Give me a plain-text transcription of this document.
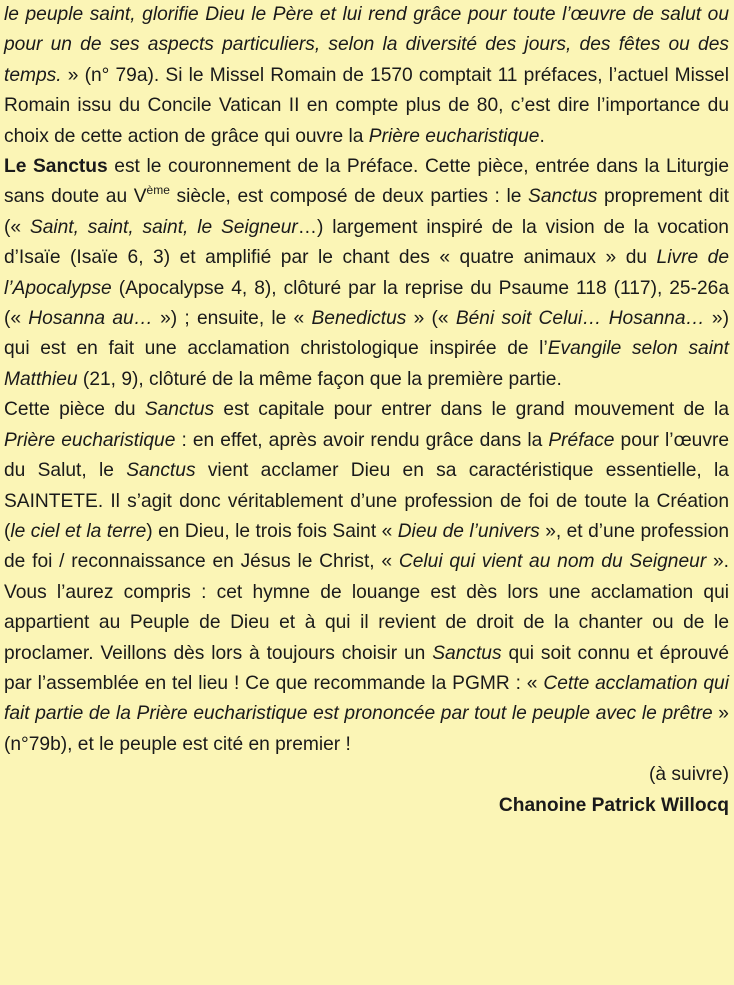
le peuple saint, glorifie Dieu le Père et lui rend grâce pour toute l’œuvre de salut ou pour un de ses aspects particuliers, selon la diversité des jours, des fêtes ou des temps. » (n° 79a). Si le Missel Romain de 1570 comptait 11 préfaces, l’actuel Missel Romain issu du Concile Vatican II en compte plus de 80, c’est dire l’importance du choix de cette action de grâce qui ouvre la Prière eucharistique.

Le Sanctus est le couronnement de la Préface. Cette pièce, entrée dans la Liturgie sans doute au Vème siècle, est composé de deux parties : le Sanctus proprement dit (« Saint, saint, saint, le Seigneur…) largement inspiré de la vision de la vocation d’Isaïe (Isaïe 6, 3) et amplifié par le chant des « quatre animaux » du Livre de l’Apocalypse (Apocalypse 4, 8), clôturé par la reprise du Psaume 118 (117), 25-26a (« Hosanna au… ») ; ensuite, le « Benedictus » (« Béni soit Celui… Hosanna… ») qui est en fait une acclamation christologique inspirée de l’Evangile selon saint Matthieu (21, 9), clôturé de la même façon que la première partie.

Cette pièce du Sanctus est capitale pour entrer dans le grand mouvement de la Prière eucharistique : en effet, après avoir rendu grâce dans la Préface pour l’œuvre du Salut, le Sanctus vient acclamer Dieu en sa caractéristique essentielle, la SAINTETE. Il s’agit donc véritablement d’une profession de foi de toute la Création (le ciel et la terre) en Dieu, le trois fois Saint « Dieu de l’univers », et d’une profession de foi / reconnaissance en Jésus le Christ, « Celui qui vient au nom du Seigneur ». Vous l’aurez compris : cet hymne de louange est dès lors une acclamation qui appartient au Peuple de Dieu et à qui il revient de droit de la chanter ou de le proclamer. Veillons dès lors à toujours choisir un Sanctus qui soit connu et éprouvé par l’assemblée en tel lieu ! Ce que recommande la PGMR : « Cette acclamation qui fait partie de la Prière eucharistique est prononcée par tout le peuple avec le prêtre » (n°79b), et le peuple est cité en premier !

(à suivre)

Chanoine Patrick Willocq
